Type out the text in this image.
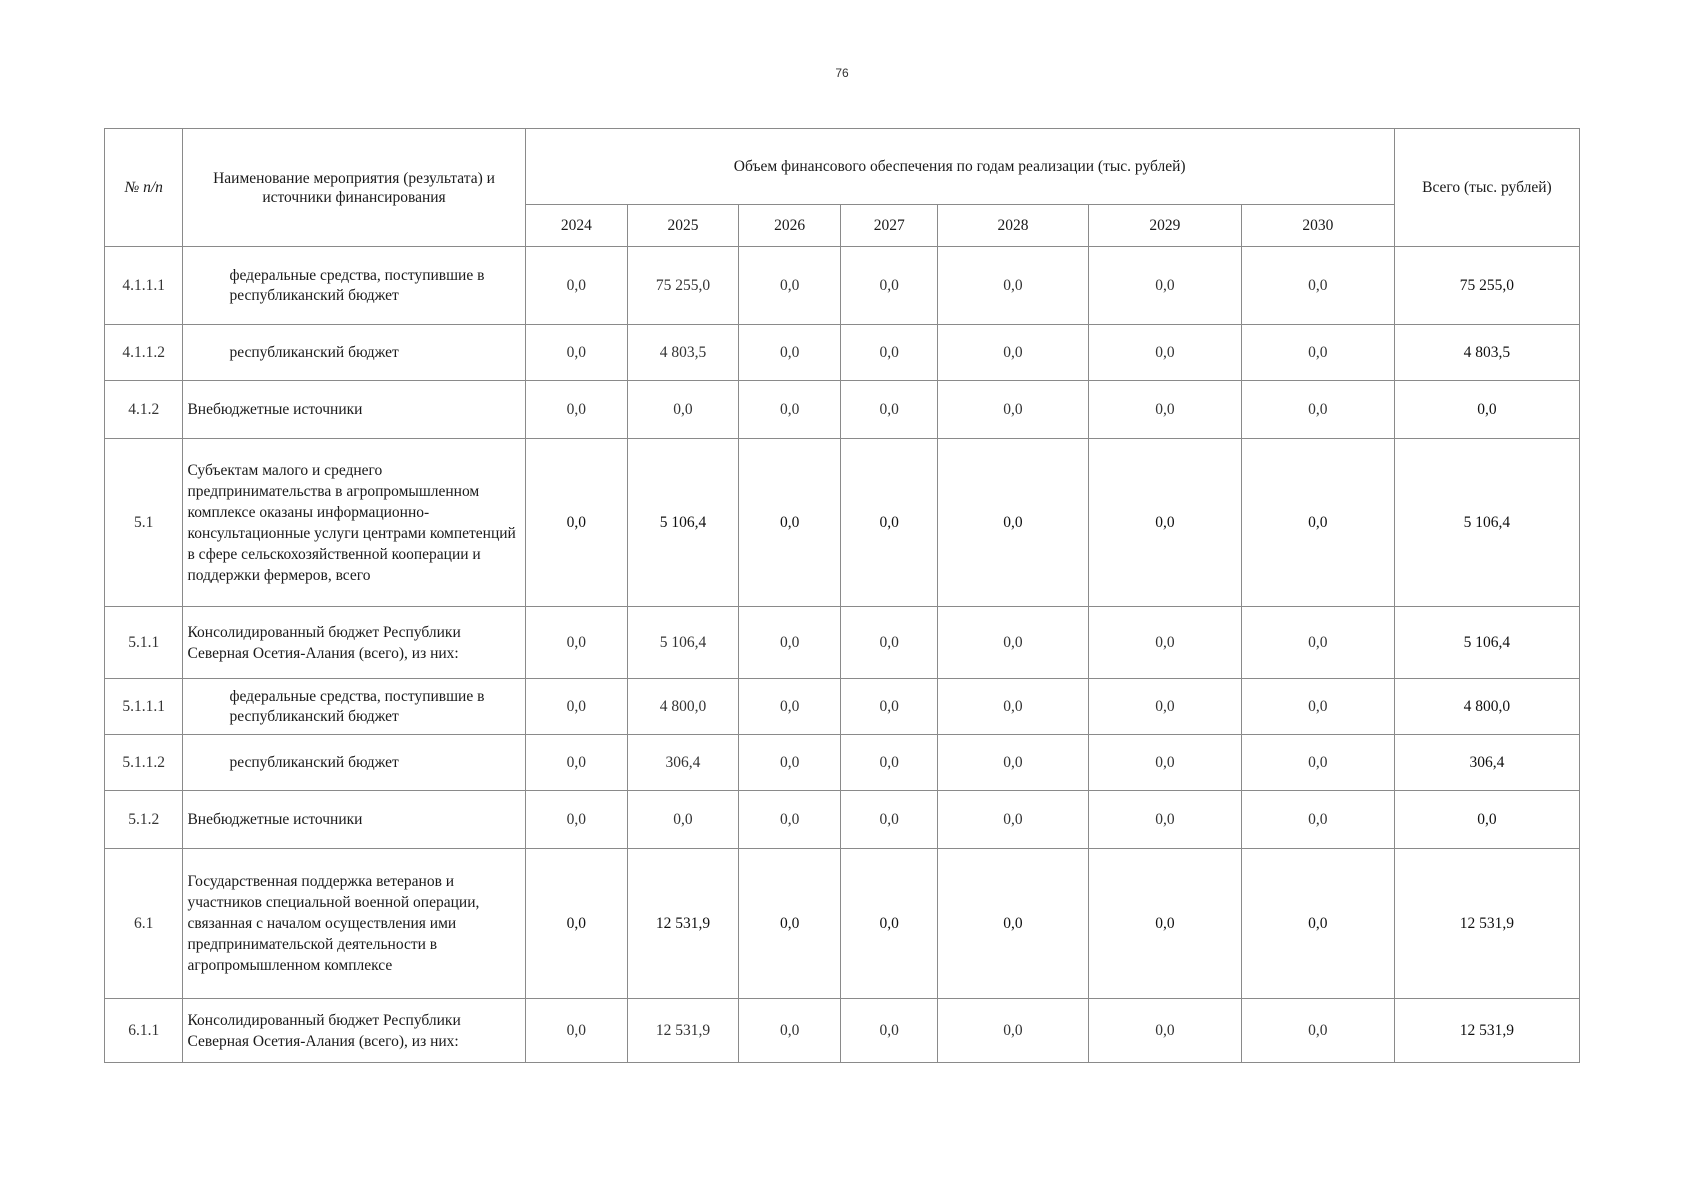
76
№ п/п	Наименование мероприятия (результата) и источники финансирования	Объем финансового обеспечения по годам реализации (тыс. рублей)							Всего (тыс. рублей)
		2024	2025	2026	2027	2028	2029	2030	
4.1.1.1	федеральные средства, поступившие в республиканский бюджет	0,0	75 255,0	0,0	0,0	0,0	0,0	0,0	75 255,0
4.1.1.2	республиканский бюджет	0,0	4 803,5	0,0	0,0	0,0	0,0	0,0	4 803,5
4.1.2	Внебюджетные источники	0,0	0,0	0,0	0,0	0,0	0,0	0,0	0,0
5.1	Субъектам малого и среднего предпринимательства в агропромышленном комплексе оказаны информационно-консультационные услуги центрами компетенций в сфере сельскохозяйственной кооперации и поддержки фермеров, всего	0,0	5 106,4	0,0	0,0	0,0	0,0	0,0	5 106,4
5.1.1	Консолидированный бюджет Республики Северная Осетия-Алания (всего), из них:	0,0	5 106,4	0,0	0,0	0,0	0,0	0,0	5 106,4
5.1.1.1	федеральные средства, поступившие в республиканский бюджет	0,0	4 800,0	0,0	0,0	0,0	0,0	0,0	4 800,0
5.1.1.2	республиканский бюджет	0,0	306,4	0,0	0,0	0,0	0,0	0,0	306,4
5.1.2	Внебюджетные источники	0,0	0,0	0,0	0,0	0,0	0,0	0,0	0,0
6.1	Государственная поддержка ветеранов и участников специальной военной операции, связанная с началом осуществления ими предпринимательской деятельности в агропромышленном комплексе	0,0	12 531,9	0,0	0,0	0,0	0,0	0,0	12 531,9
6.1.1	Консолидированный бюджет Республики Северная Осетия-Алания (всего), из них:	0,0	12 531,9	0,0	0,0	0,0	0,0	0,0	12 531,9
